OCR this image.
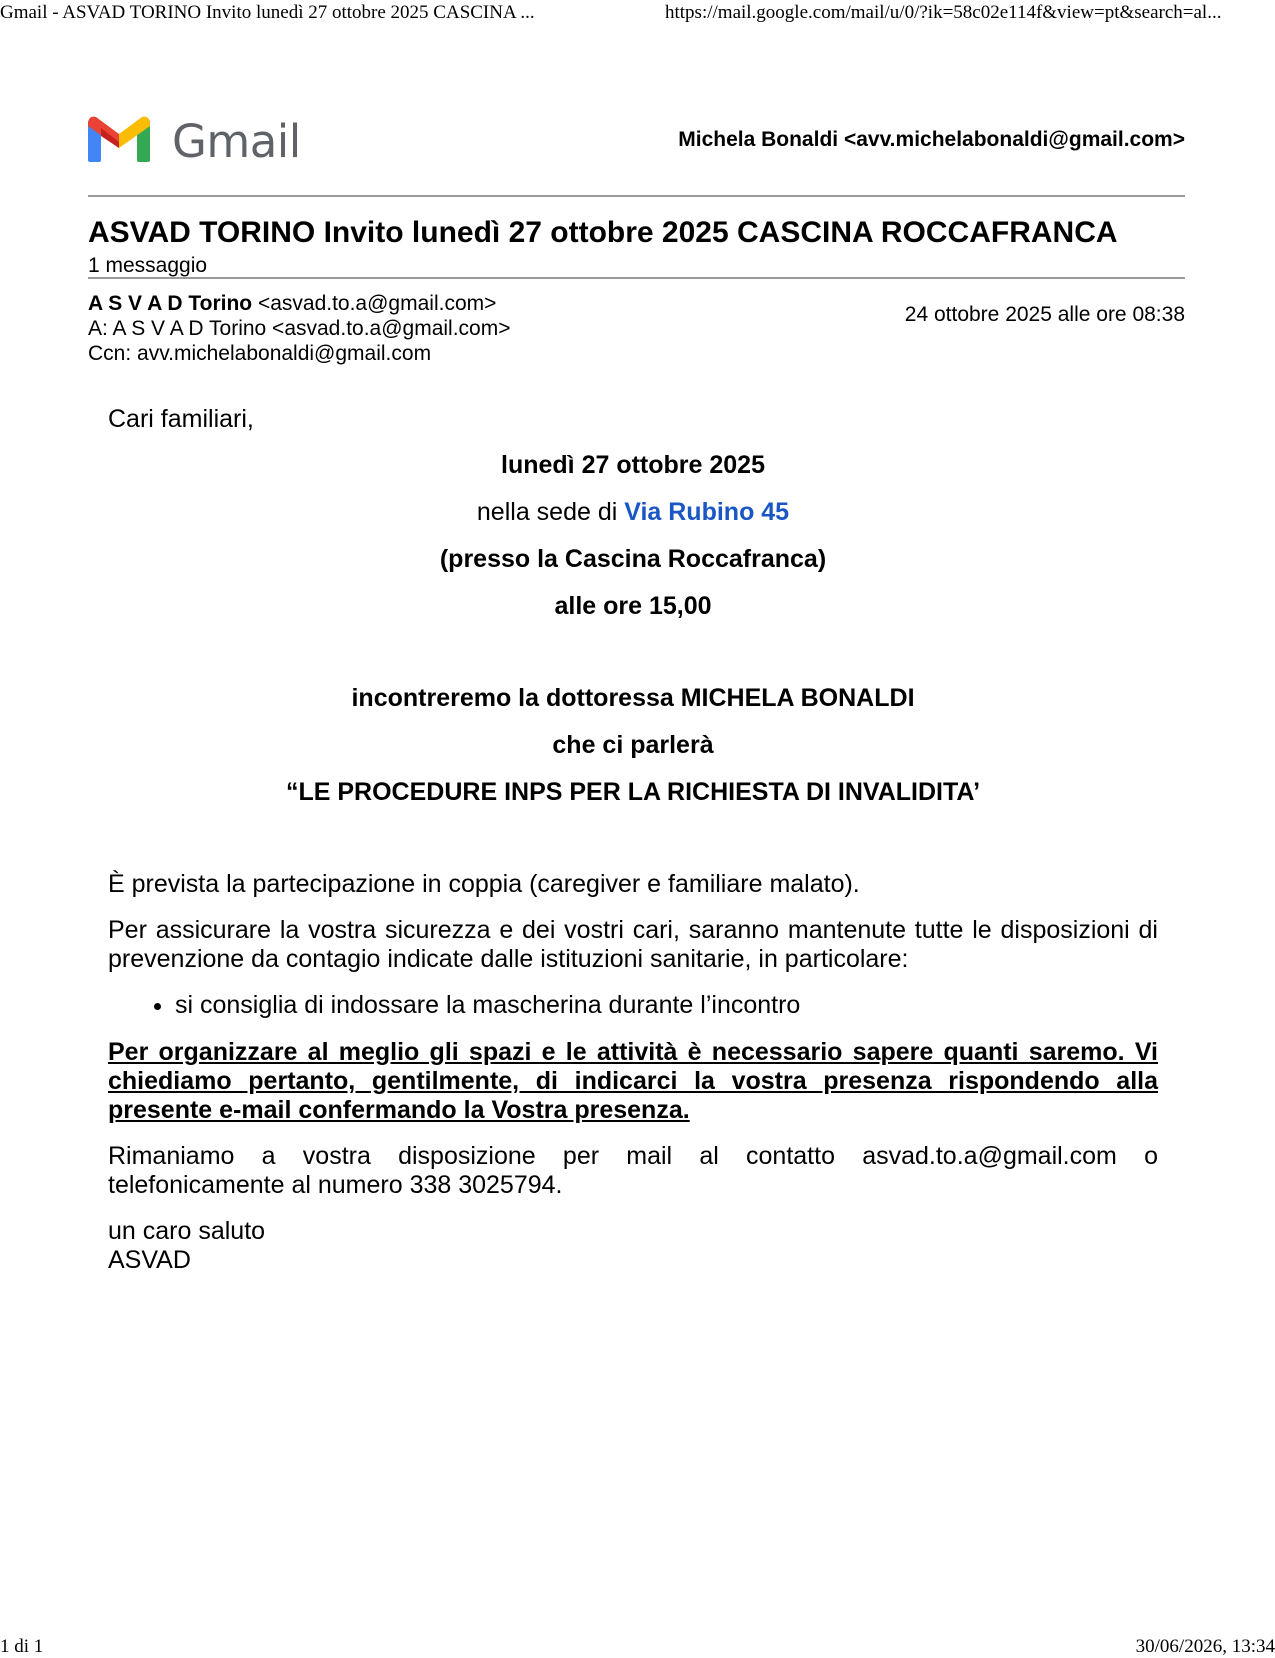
Gmail - ASVAD TORINO Invito lunedì 27 ottobre 2025 CASCINA ...	https://mail.google.com/mail/u/0/?ik=58c02e114f&view=pt&search=al...
Gmail	Michela Bonaldi <avv.michelabonaldi@gmail.com>
ASVAD TORINO Invito lunedì 27 ottobre 2025 CASCINA ROCCAFRANCA
1 messaggio
A S V A D Torino <asvad.to.a@gmail.com>	24 ottobre 2025 alle ore 08:38
A: A S V A D Torino <asvad.to.a@gmail.com>
Ccn: avv.michelabonaldi@gmail.com

Cari familiari,

lunedì 27 ottobre 2025

nella sede di Via Rubino 45

(presso la Cascina Roccafranca)

alle ore 15,00

incontreremo la dottoressa MICHELA BONALDI

che ci parlerà

“LE PROCEDURE INPS PER LA RICHIESTA DI INVALIDITA’

È prevista la partecipazione in coppia (caregiver e familiare malato).

Per assicurare la vostra sicurezza e dei vostri cari, saranno mantenute tutte le disposizioni di prevenzione da contagio indicate dalle istituzioni sanitarie, in particolare:

• si consiglia di indossare la mascherina durante l’incontro

Per organizzare al meglio gli spazi e le attività è necessario sapere quanti saremo. Vi chiediamo pertanto, gentilmente, di indicarci la vostra presenza rispondendo alla presente e-mail confermando la Vostra presenza.

Rimaniamo a vostra disposizione per mail al contatto asvad.to.a@gmail.com o telefonicamente al numero 338 3025794.

un caro saluto

ASVAD

1 di 1	30/06/2026, 13:34
